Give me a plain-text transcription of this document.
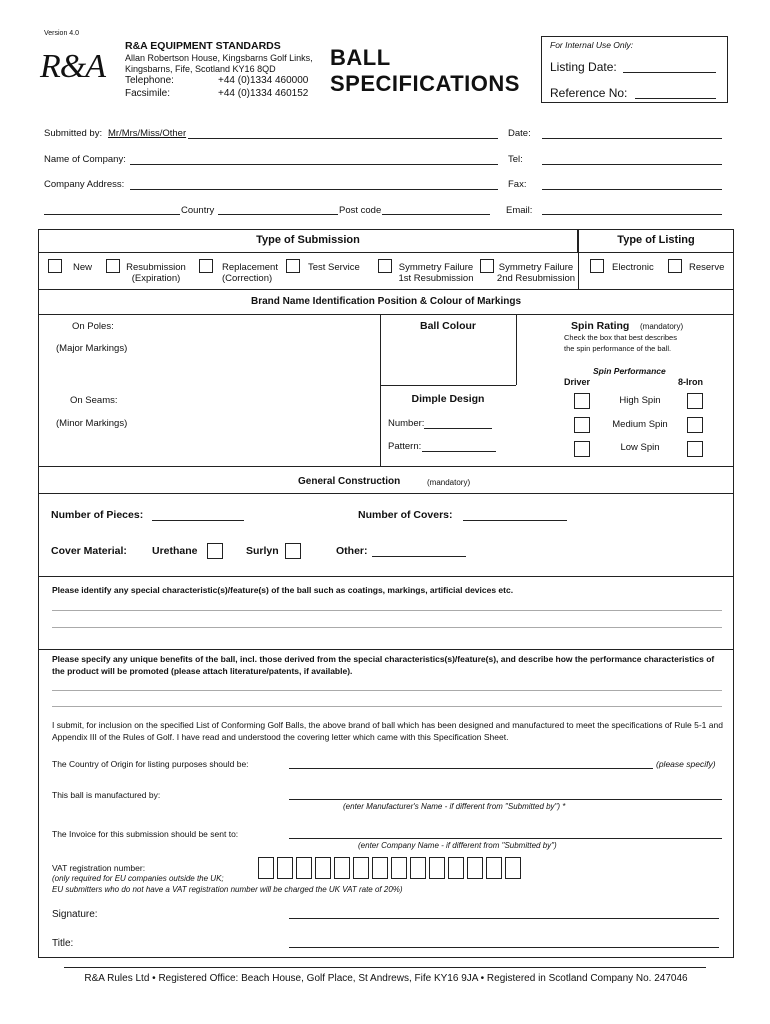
Version 4.0
R&A
R&A EQUIPMENT STANDARDS
Allan Robertson House, Kingsbarns Golf Links,
Kingsbarns, Fife, Scotland KY16 8QD
Telephone:	+44 (0)1334 460000
Facsimile:	+44 (0)1334 460152
BALL
SPECIFICATIONS
For Internal Use Only:
Listing Date:
Reference No:
Submitted by: Mr/Mrs/Miss/Other	Date:
Name of Company:	Tel:
Company Address:	Fax:
Country	Post code	Email:
Type of Submission	Type of Listing
New	Resubmission
(Expiration)
Replacement
(Correction)
Test Service	Symmetry Failure
1st Resubmission
Symmetry Failure
2nd Resubmission
Electronic	Reserve
Brand Name Identification Position & Colour of Markings
On Poles:
(Major Markings)
On Seams:
(Minor Markings)
Ball Colour
Dimple Design
Number:
Pattern:
Spin Rating (mandatory)
Check the box that best describes
the spin performance of the ball.
Spin Performance
Driver	8-Iron
High Spin
Medium Spin
Low Spin
General Construction	(mandatory)
Number of Pieces:	Number of Covers:
Cover Material: Urethane	Surlyn	Other:
Please identify any special characteristic(s)/feature(s) of the ball such as coatings, markings, artificial devices etc.
Please specify any unique benefits of the ball, incl. those derived from the special characteristics(s)/feature(s), and describe how the performance characteristics of the product will be promoted (please attach literature/patents, if available).
I submit, for inclusion on the specified List of Conforming Golf Balls, the above brand of ball which has been designed and manufactured to meet the specifications of Rule 5-1 and Appendix III of the Rules of Golf. I have read and understood the covering letter which came with this Specification Sheet.
The Country of Origin for listing purposes should be:	(please specify)
This ball is manufactured by:
(enter Manufacturer's Name - if different from "Submitted by") *
The Invoice for this submission should be sent to:
(enter Company Name - if different from "Submitted by")
VAT registration number:
(only required for EU companies outside the UK;
EU submitters who do not have a VAT registration number will be charged the UK VAT rate of 20%)
Signature:
Title:
R&A Rules Ltd • Registered Office: Beach House, Golf Place, St Andrews, Fife KY16 9JA • Registered in Scotland Company No. 247046
